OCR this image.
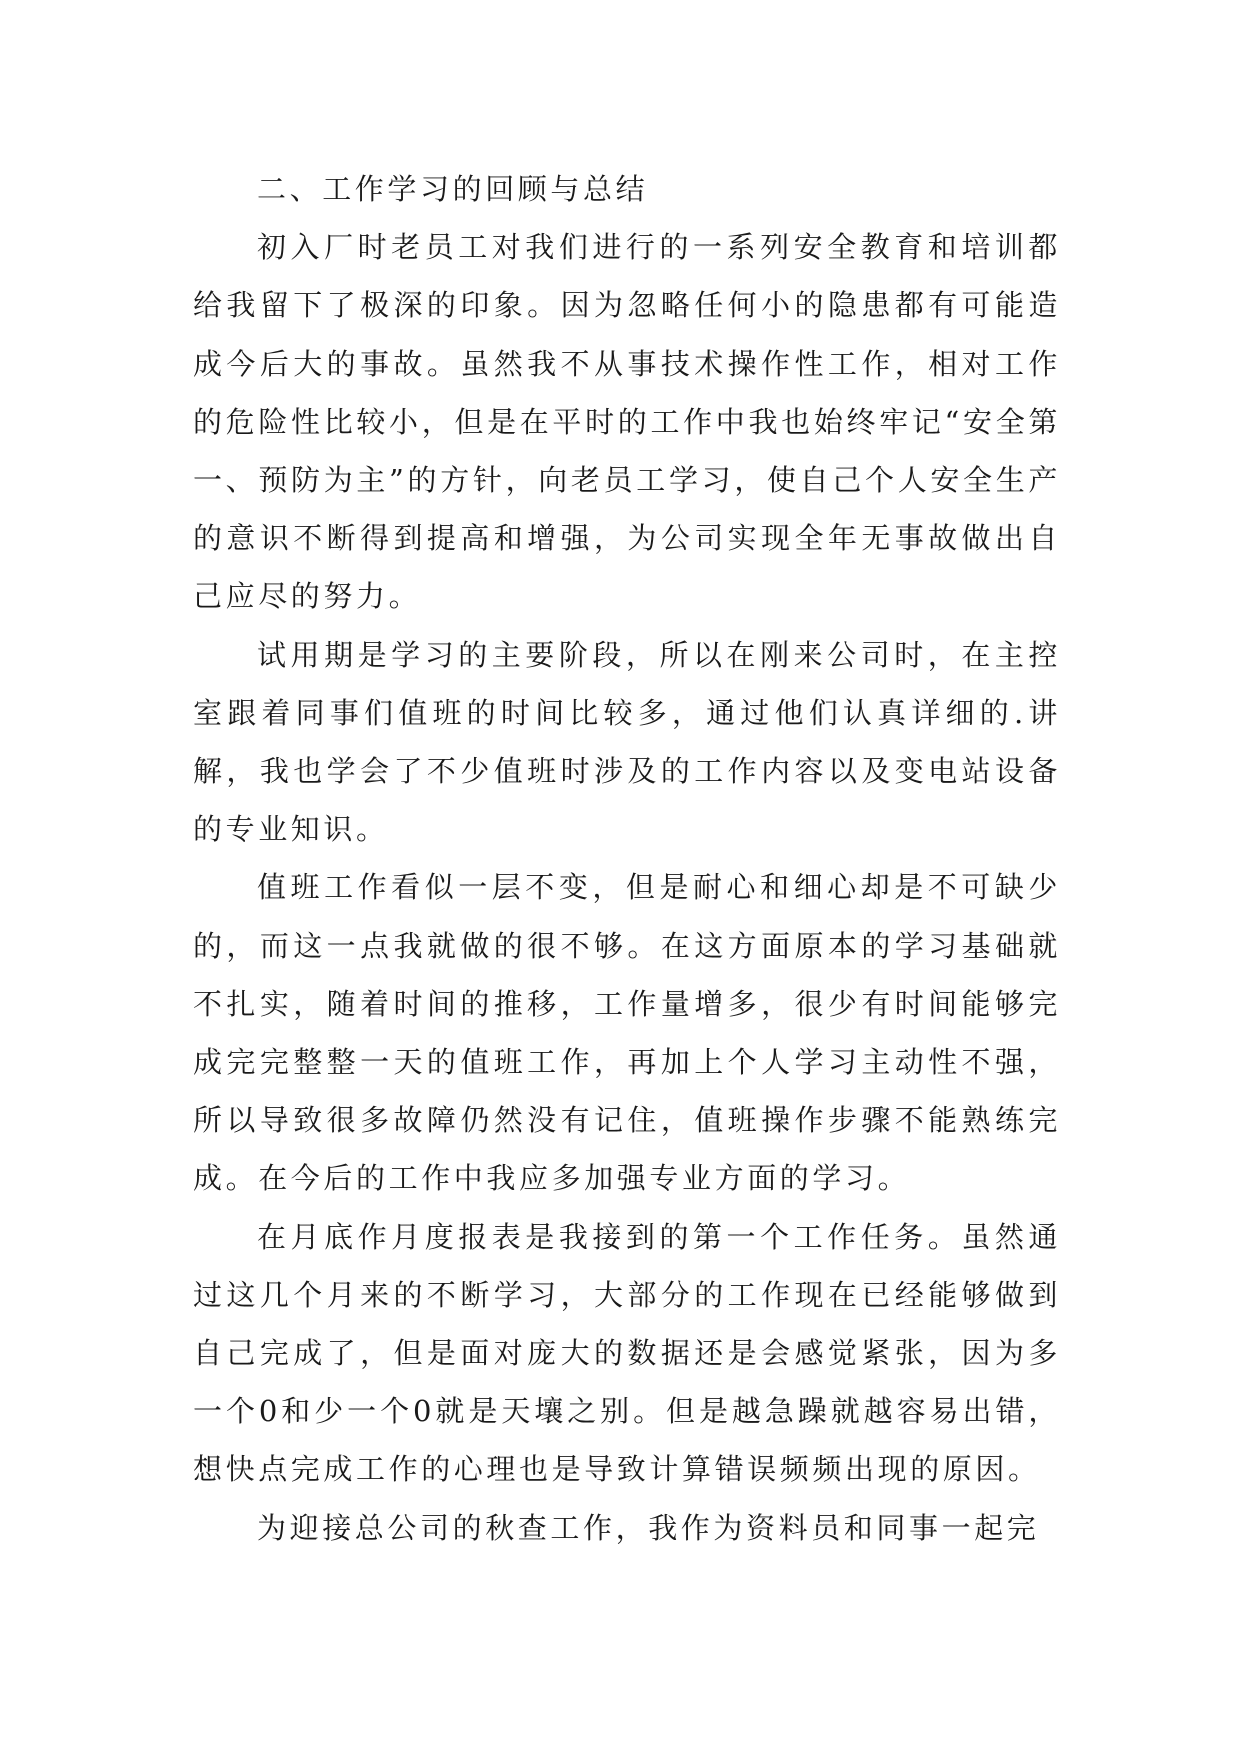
二、工作学习的回顾与总结

初入厂时老员工对我们进行的一系列安全教育和培训都给我留下了极深的印象。因为忽略任何小的隐患都有可能造成今后大的事故。虽然我不从事技术操作性工作，相对工作的危险性比较小，但是在平时的工作中我也始终牢记“安全第一、预防为主”的方针，向老员工学习，使自己个人安全生产的意识不断得到提高和增强，为公司实现全年无事故做出自己应尽的努力。

试用期是学习的主要阶段，所以在刚来公司时，在主控室跟着同事们值班的时间比较多，通过他们认真详细的.讲解，我也学会了不少值班时涉及的工作内容以及变电站设备的专业知识。

值班工作看似一层不变，但是耐心和细心却是不可缺少的，而这一点我就做的很不够。在这方面原本的学习基础就不扎实，随着时间的推移，工作量增多，很少有时间能够完成完完整整一天的值班工作，再加上个人学习主动性不强，所以导致很多故障仍然没有记住，值班操作步骤不能熟练完成。在今后的工作中我应多加强专业方面的学习。

在月底作月度报表是我接到的第一个工作任务。虽然通过这几个月来的不断学习，大部分的工作现在已经能够做到自己完成了，但是面对庞大的数据还是会感觉紧张，因为多一个0和少一个0就是天壤之别。但是越急躁就越容易出错，想快点完成工作的心理也是导致计算错误频频出现的原因。

为迎接总公司的秋查工作，我作为资料员和同事一起完
